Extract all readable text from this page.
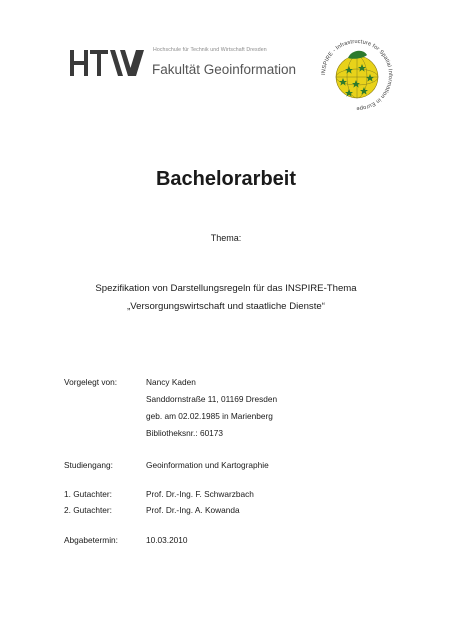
Hochschule für Technik und Wirtschaft Dresden
Fakultät Geoinformation	INSPIRE - Infrastructure for Spatial Information in Europe
Bachelorarbeit
Thema:
Spezifikation von Darstellungsregeln für das INSPIRE-Thema
„Versorgungswirtschaft und staatliche Dienste“
Vorgelegt von:	Nancy Kaden
Sanddornstraße 11, 01169 Dresden
geb. am 02.02.1985 in Marienberg
Bibliotheksnr.: 60173
Studiengang:	Geoinformation und Kartographie
1. Gutachter:	Prof. Dr.-Ing. F. Schwarzbach
2. Gutachter:	Prof. Dr.-Ing. A. Kowanda
Abgabetermin:	10.03.2010
